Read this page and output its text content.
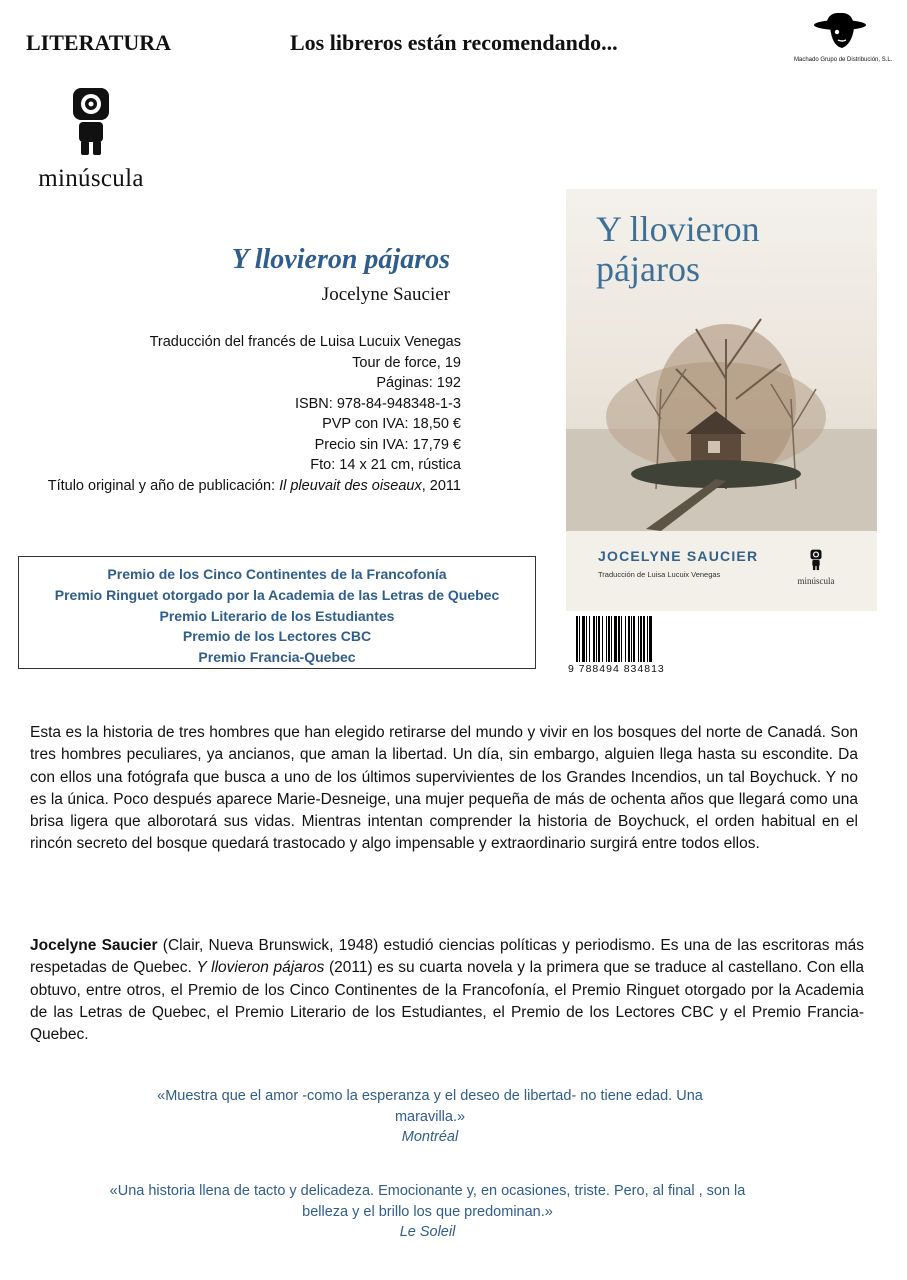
LITERATURA	Los libreros están recomendando...
Machado Grupo de Distribución, S.L.
minúscula
Y llovieron pájaros
Jocelyne Saucier
Traducción del francés de Luisa Lucuix Venegas
Tour de force, 19
Páginas: 192
ISBN: 978-84-948348-1-3
PVP con IVA: 18,50 €
Precio sin IVA: 17,79 €
Fto: 14 x 21 cm, rústica
Título original y año de publicación: Il pleuvait des oiseaux, 2011
Premio de los Cinco Continentes de la Francofonía
Premio Ringuet otorgado por la Academia de las Letras de Quebec
Premio Literario de los Estudiantes
Premio de los Lectores CBC
Premio Francia-Quebec
Y llovieron
pájaros
JOCELYNE SAUCIER
Traducción de Luisa Lucuix Venegas
minúscula
9 788494 834813
Esta es la historia de tres hombres que han elegido retirarse del mundo y vivir en los bosques del norte de Canadá. Son tres hombres peculiares, ya ancianos, que aman la libertad. Un día, sin embargo, alguien llega hasta su escondite. Da con ellos una fotógrafa que busca a uno de los últimos supervivientes de los Grandes Incendios, un tal Boychuck. Y no es la única. Poco después aparece Marie-Desneige, una mujer pequeña de más de ochenta años que llegará como una brisa ligera que alborotará sus vidas. Mientras intentan comprender la historia de Boychuck, el orden habitual en el rincón secreto del bosque quedará trastocado y algo impensable y extraordinario surgirá entre todos ellos.
Jocelyne Saucier (Clair, Nueva Brunswick, 1948) estudió ciencias políticas y periodismo. Es una de las escritoras más respetadas de Quebec. Y llovieron pájaros (2011) es su cuarta novela y la primera que se traduce al castellano. Con ella obtuvo, entre otros, el Premio de los Cinco Continentes de la Francofonía, el Premio Ringuet otorgado por la Academia de las Letras de Quebec, el Premio Literario de los Estudiantes, el Premio de los Lectores CBC y el Premio Francia-Quebec.
«Muestra que el amor -como la esperanza y el deseo de libertad- no tiene edad. Una maravilla.»
Montréal
«Una historia llena de tacto y delicadeza. Emocionante y, en ocasiones, triste. Pero, al final , son la belleza y el brillo los que predominan.»
Le Soleil
